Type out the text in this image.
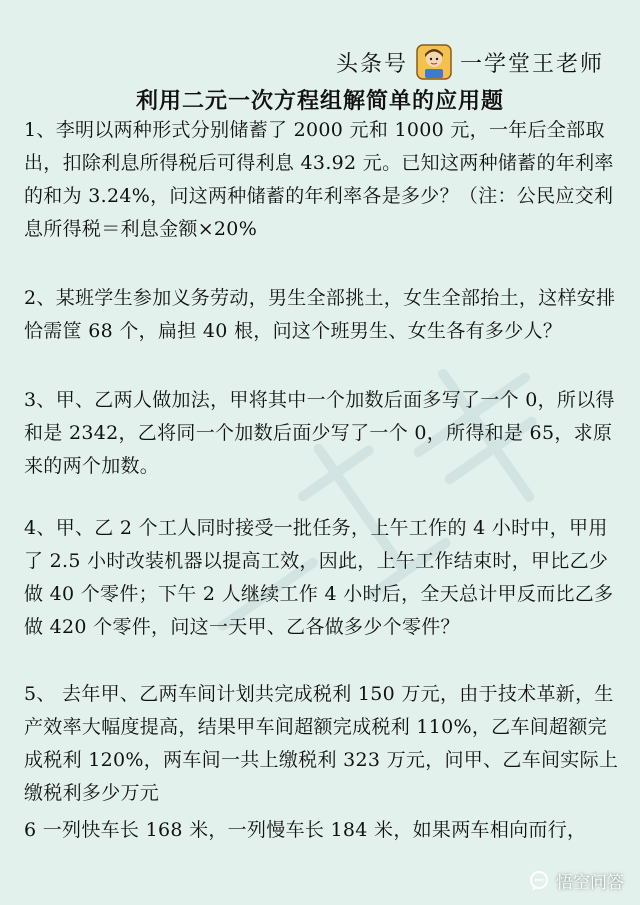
头条号 一学堂王老师
利用二元一次方程组解简单的应用题
1、李明以两种形式分别储蓄了 2000 元和 1000 元，一年后全部取出，扣除利息所得税后可得利息 43.92 元。已知这两种储蓄的年利率的和为 3.24%，问这两种储蓄的年利率各是多少？（注：公民应交利息所得税＝利息金额×20%
2、某班学生参加义务劳动，男生全部挑土，女生全部抬土，这样安排恰需筐 68 个，扁担 40 根，问这个班男生、女生各有多少人？
3、甲、乙两人做加法，甲将其中一个加数后面多写了一个 0，所以得和是 2342，乙将同一个加数后面少写了一个 0，所得和是 65，求原来的两个加数。
4、甲、乙 2 个工人同时接受一批任务，上午工作的 4 小时中，甲用了 2.5 小时改装机器以提高工效，因此，上午工作结束时，甲比乙少做 40 个零件；下午 2 人继续工作 4 小时后，全天总计甲反而比乙多做 420 个零件，问这一天甲、乙各做多少个零件？
5、 去年甲、乙两车间计划共完成税利 150 万元，由于技术革新，生产效率大幅度提高，结果甲车间超额完成税利 110%，乙车间超额完成税利 120%，两车间一共上缴税利 323 万元，问甲、乙车间实际上缴税利多少万元
6 一列快车长 168 米，一列慢车长 184 米，如果两车相向而行，
悟空问答
